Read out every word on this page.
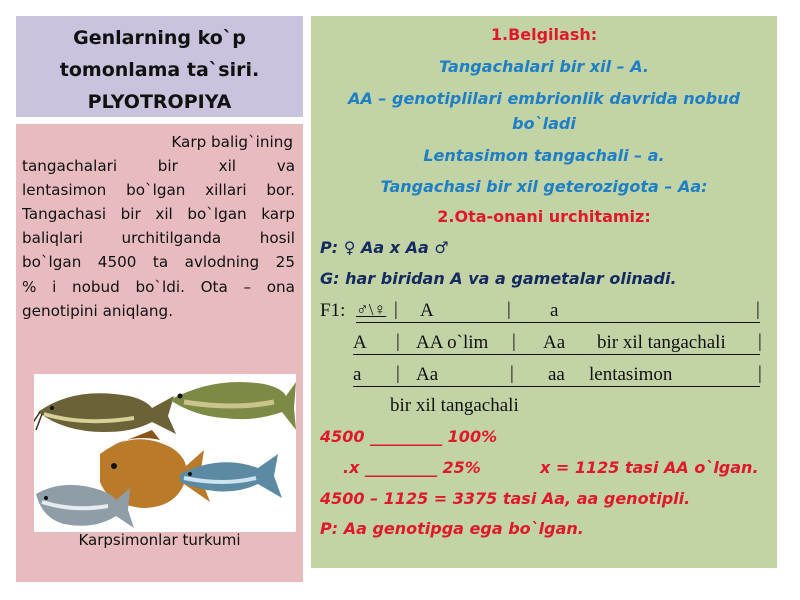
Genlarning ko`p
tomonlama ta`siri.
PLYOTROPIYA
Karp balig`ining
tangachalari bir xil va
lentasimon bo`lgan xillari bor.
Tangachasi bir xil bo`lgan karp
baliqlari urchitilganda hosil
bo`lgan 4500 ta avlodning 25
% i nobud bo`ldi. Ota – ona
genotipini aniqlang.
Karpsimonlar turkumi
1.Belgilash:
Tangachalari bir xil – A.
AA – genotiplilari embrionlik davrida nobud
bo`ladi
Lentasimon tangachali – a.
Tangachasi bir xil geterozigota – Aa:
2.Ota-onani urchitamiz:
P: ♀ Aa x Aa ♂
G: har biridan A va a gametalar olinadi.
F1: ♂\♀ | A	| a	|
A | AA o`lim | Aa bir xil tangachali |
a | Aa	| aa lentasimon	|
bir xil tangachali
4500 _________ 100%
.x _________ 25%	x = 1125 tasi AA o`lgan.
4500 – 1125 = 3375 tasi Aa, aa genotipli.
P: Aa genotipga ega bo`lgan.
